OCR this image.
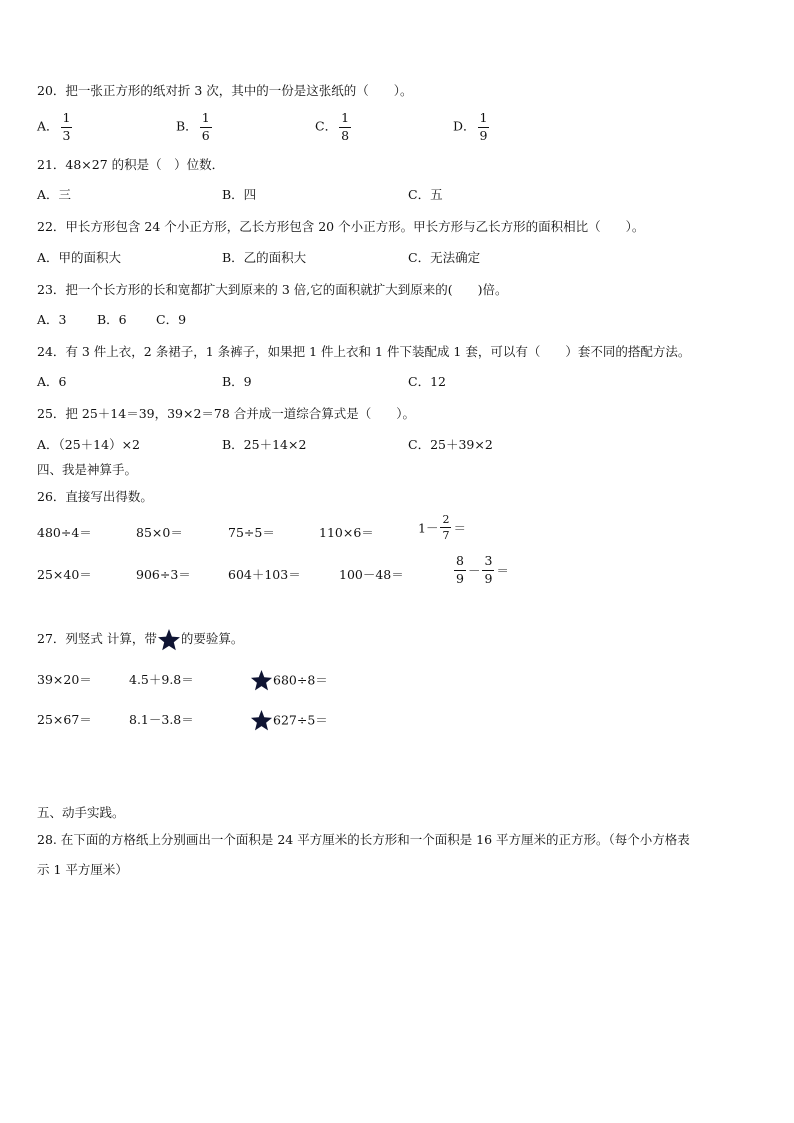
20．把一张正方形的纸对折 3 次，其中的一份是这张纸的（　　）。
A． $\frac{1}{3}$	B． $\frac{1}{6}$	C． $\frac{1}{8}$	D． $\frac{1}{9}$
21．48×27 的积是（　）位数．
A．三	B．四	C．五
22．甲长方形包含 24 个小正方形，乙长方形包含 20 个小正方形。甲长方形与乙长方形的面积相比（　　）。
A．甲的面积大	B．乙的面积大	C．无法确定
23．把一个长方形的长和宽都扩大到原来的 3 倍,它的面积就扩大到原来的(　　)倍。
A．3 B．6 C．9
24．有 3 件上衣，2 条裙子，1 条裤子，如果把 1 件上衣和 1 件下装配成 1 套，可以有（　　）套不同的搭配方法。
A．6	B．9	C．12
25．把 25＋14＝39，39×2＝78 合并成一道综合算式是（　　）。
A．（25＋14）×2	B．25＋14×2	C．25＋39×2
四、我是神算手。
26．直接写出得数。
480÷4＝	85×0＝	75÷5＝	110×6＝	$1- \frac{2}{7}$ ＝
25×40＝	906÷3＝	604＋103＝	100－48＝	$\frac{8}{9} - \frac{3}{9}$ ＝
27．列竖式 计算，带 的要验算。
39×20＝	4.5＋9.8＝	680÷8＝
25×67＝	8.1－3.8＝	627÷5＝
五、动手实践。
28. 在下面的方格纸上分别画出一个面积是 24 平方厘米的长方形和一个面积是 16 平方厘米的正方形。（每个小方格表
示 1 平方厘米）
